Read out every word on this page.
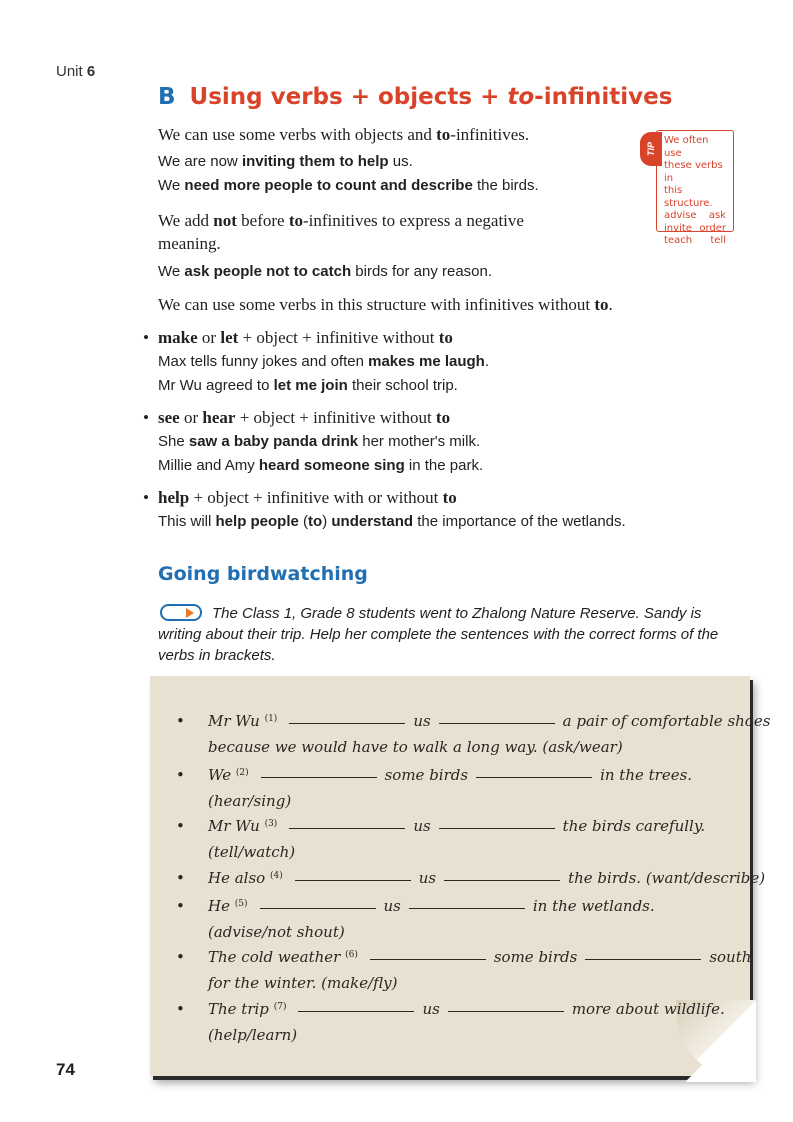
Unit 6
B Using verbs + objects + to-infinitives
We can use some verbs with objects and to-infinitives.
We are now inviting them to help us.
We need more people to count and describe the birds.
We add not before to-infinitives to express a negative
meaning.
We ask people not to catch birds for any reason.
We can use some verbs in this structure with infinitives without to.
TIP
We often use
these verbs in
this structure.
advise ask
invite order
teach tell
• make or let + object + infinitive without to
Max tells funny jokes and often makes me laugh.
Mr Wu agreed to let me join their school trip.
• see or hear + object + infinitive without to
She saw a baby panda drink her mother's milk.
Millie and Amy heard someone sing in the park.
• help + object + infinitive with or without to
This will help people (to) understand the importance of the wetlands.
Going birdwatching
The Class 1, Grade 8 students went to Zhalong Nature Reserve. Sandy is writing about their trip. Help her complete the sentences with the correct forms of the verbs in brackets.
• Mr Wu $^{(1)}$	us	a pair of comfortable shoes
because we would have to walk a long way. (ask/wear)
• We $^{(2)}$	some birds	in the trees.
(hear/sing)
• Mr Wu $^{(3)}$	us	the birds carefully.
(tell/watch)
• He also $^{(4)}$	us	the birds. (want/describe)
• He $^{(5)}$	us	in the wetlands.
(advise/not shout)
• The cold weather $^{(6)}$	some birds	south
for the winter. (make/fly)
• The trip $^{(7)}$	us	more about wildlife.
(help/learn)
74
